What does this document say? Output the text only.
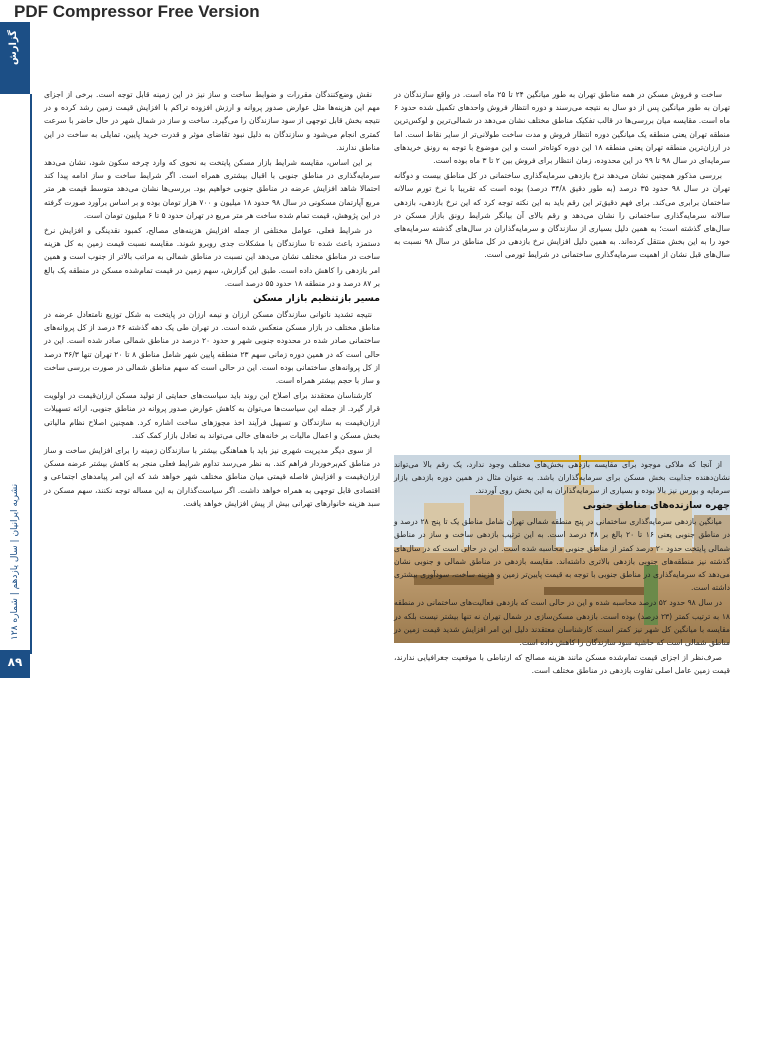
PDF Compressor Free Version
گزارش
نشریه ایرانیان | سال یازدهم | شماره ۱۲۸
۸۹

ساخت و فروش مسکن در همه مناطق تهران به طور میانگین ۲۴ تا ۲۵ ماه است. در واقع سازندگان در تهران به طور میانگین پس از دو سال به نتیجه می‌رسند و دوره انتظار فروش واحدهای تکمیل شده حدود ۶ ماه است. مقایسه میان بررسی‌ها در قالب تفکیک مناطق مختلف نشان می‌دهد در شمالی‌ترین و لوکس‌ترین منطقه تهران یعنی منطقه یک میانگین دوره انتظار فروش و مدت ساخت طولانی‌تر از سایر نقاط است. اما در ارزان‌ترین منطقه تهران یعنی منطقه ۱۸ این دوره کوتاه‌تر است و این موضوع با توجه به رونق خریدهای سرمایه‌ای در سال ۹۸ تا ۹۹ در این محدوده، زمان انتظار برای فروش بین ۲ تا ۳ ماه بوده است.

بررسی مذکور همچنین نشان می‌دهد نرخ بازدهی سرمایه‌گذاری ساختمانی در کل مناطق بیست و دوگانه تهران در سال ۹۸ حدود ۳۵ درصد (به طور دقیق ۳۴/۸ درصد) بوده است که تقریبا با نرخ تورم سالانه ساختمان برابری می‌کند. برای فهم دقیق‌تر این رقم باید به این نکته توجه کرد که این نرخ بازدهی، بازدهی سالانه سرمایه‌گذاری ساختمانی را نشان می‌دهد و رقم بالای آن بیانگر شرایط رونق بازار مسکن در سال‌های گذشته است؛ به همین دلیل بسیاری از سازندگان و سرمایه‌گذاران در سال‌های گذشته سرمایه‌های خود را به این بخش منتقل کرده‌اند. به همین دلیل افزایش نرخ بازدهی در کل مناطق در سال ۹۸ نسبت به سال‌های قبل نشان از اهمیت سرمایه‌گذاری ساختمانی در شرایط تورمی است.

از آنجا که ملاکی موجود برای مقایسه بازدهی بخش‌های مختلف وجود ندارد، یک رقم بالا می‌تواند نشان‌دهنده جذابیت بخش مسکن برای سرمایه‌گذاران باشد. به عنوان مثال در همین دوره بازدهی بازار سرمایه و بورس نیز بالا بوده و بسیاری از سرمایه‌گذاران به این بخش روی آوردند.

چهره سازنده‌های مناطق جنوبی

میانگین بازدهی سرمایه‌گذاری ساختمانی در پنج منطقه شمالی تهران شامل مناطق یک تا پنج ۲۸ درصد و در مناطق جنوبی یعنی ۱۶ تا ۲۰ بالغ بر ۴۸ درصد است. به این ترتیب بازدهی ساخت و ساز در مناطق شمالی پایتخت حدود ۲۰ درصد کمتر از مناطق جنوبی محاسبه شده است. این در حالی است که در سال‌های گذشته نیز منطقه‌های جنوبی بازدهی بالاتری داشته‌اند. مقایسه بازدهی در مناطق شمالی و جنوبی نشان می‌دهد که سرمایه‌گذاری در مناطق جنوبی با توجه به قیمت پایین‌تر زمین و هزینه ساخت، سودآوری بیشتری داشته است.

در سال ۹۸ حدود ۵۲ درصد محاسبه شده و این در حالی است که بازدهی فعالیت‌های ساختمانی در منطقه ۱۸ به ترتیب کمتر (۲۳ درصد) بوده است. بازدهی مسکن‌سازی در شمال تهران نه تنها بیشتر نیست بلکه در مقایسه با میانگین کل شهر نیز کمتر است. کارشناسان معتقدند دلیل این امر افزایش شدید قیمت زمین در مناطق شمالی است که حاشیه سود سازندگان را کاهش داده است.

صرف‌نظر از اجزای قیمت تمام‌شده مسکن مانند هزینه مصالح که ارتباطی با موقعیت جغرافیایی ندارند، قیمت زمین عامل اصلی تفاوت بازدهی در مناطق مختلف است.

نقش وضع‌کنندگان مقررات و ضوابط ساخت و ساز نیز در این زمینه قابل توجه است. برخی از اجزای مهم این هزینه‌ها مثل عوارض صدور پروانه و ارزش افزوده تراکم با افزایش قیمت زمین رشد کرده و در نتیجه بخش قابل توجهی از سود سازندگان را می‌گیرد. ساخت و ساز در شمال شهر در حال حاضر با سرعت کمتری انجام می‌شود و سازندگان به دلیل نبود تقاضای موثر و قدرت خرید پایین، تمایلی به ساخت در این مناطق ندارند.

بر این اساس، مقایسه شرایط بازار مسکن پایتخت به نحوی که وارد چرخه سکون شود، نشان می‌دهد سرمایه‌گذاری در مناطق جنوبی با اقبال بیشتری همراه است. اگر شرایط ساخت و ساز ادامه پیدا کند احتمالا شاهد افزایش عرضه در مناطق جنوبی خواهیم بود. بررسی‌ها نشان می‌دهد متوسط قیمت هر متر مربع آپارتمان مسکونی در سال ۹۸ حدود ۱۸ میلیون و ۷۰۰ هزار تومان بوده و بر اساس برآورد صورت گرفته در این پژوهش، قیمت تمام شده ساخت هر متر مربع در تهران حدود ۵ تا ۶ میلیون تومان است.

در شرایط فعلی، عوامل مختلفی از جمله افزایش هزینه‌های مصالح، کمبود نقدینگی و افزایش نرخ دستمزد باعث شده تا سازندگان با مشکلات جدی روبرو شوند. مقایسه نسبت قیمت زمین به کل هزینه ساخت در مناطق مختلف نشان می‌دهد این نسبت در مناطق شمالی به مراتب بالاتر از جنوب است و همین امر بازدهی را کاهش داده است. طبق این گزارش، سهم زمین در قیمت تمام‌شده مسکن در منطقه یک بالغ بر ۸۷ درصد و در منطقه ۱۸ حدود ۵۵ درصد است.

مسیر بازتنظیم بازار مسکن

نتیجه تشدید ناتوانی سازندگان مسکن ارزان و نیمه ارزان در پایتخت به شکل توزیع نامتعادل عرضه در مناطق مختلف در بازار مسکن منعکس شده است. در تهران طی یک دهه گذشته ۴۶ درصد از کل پروانه‌های ساختمانی صادر شده در محدوده جنوبی شهر و حدود ۲۰ درصد در مناطق شمالی صادر شده است. این در حالی است که در همین دوره زمانی سهم ۲۳ منطقه پایین شهر شامل مناطق ۸ تا ۲۰ تهران تنها ۳۶/۳ درصد از کل پروانه‌های ساختمانی بوده است. این در حالی است که سهم مناطق شمالی در صورت بررسی ساخت و ساز با حجم بیشتر همراه است.

کارشناسان معتقدند برای اصلاح این روند باید سیاست‌های حمایتی از تولید مسکن ارزان‌قیمت در اولویت قرار گیرد. از جمله این سیاست‌ها می‌توان به کاهش عوارض صدور پروانه در مناطق جنوبی، ارائه تسهیلات ارزان‌قیمت به سازندگان و تسهیل فرآیند اخذ مجوزهای ساخت اشاره کرد. همچنین اصلاح نظام مالیاتی بخش مسکن و اعمال مالیات بر خانه‌های خالی می‌تواند به تعادل بازار کمک کند.

از سوی دیگر مدیریت شهری نیز باید با هماهنگی بیشتر با سازندگان زمینه را برای افزایش ساخت و ساز در مناطق کم‌برخوردار فراهم کند. به نظر می‌رسد تداوم شرایط فعلی منجر به کاهش بیشتر عرضه مسکن ارزان‌قیمت و افزایش فاصله قیمتی میان مناطق مختلف شهر خواهد شد که این امر پیامدهای اجتماعی و اقتصادی قابل توجهی به همراه خواهد داشت. اگر سیاست‌گذاران به این مساله توجه نکنند، سهم مسکن در سبد هزینه خانوارهای تهرانی بیش از پیش افزایش خواهد یافت.
